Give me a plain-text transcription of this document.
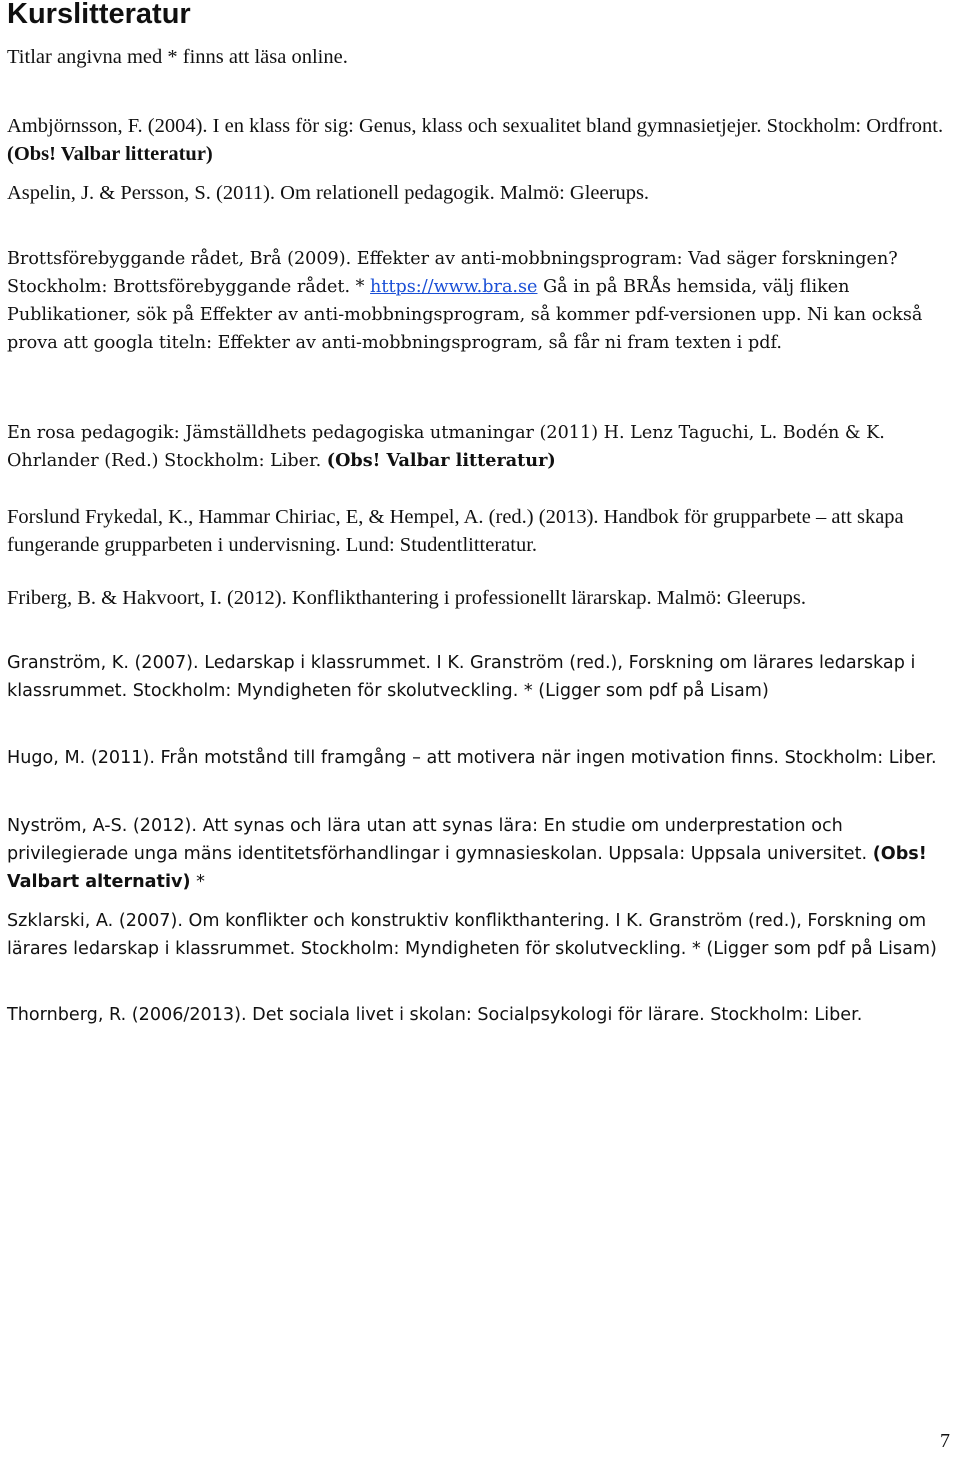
Kurslitteratur

Titlar angivna med * finns att läsa online.

Ambjörnsson, F. (2004). I en klass för sig: Genus, klass och sexualitet bland gymnasietjejer. Stockholm: Ordfront. (Obs! Valbar litteratur)

Aspelin, J. & Persson, S. (2011). Om relationell pedagogik. Malmö: Gleerups.

Brottsförebyggande rådet, Brå (2009). Effekter av anti-mobbningsprogram: Vad säger forskningen? Stockholm: Brottsförebyggande rådet. * https://www.bra.se Gå in på BRÅs hemsida, välj fliken Publikationer, sök på Effekter av anti-mobbningsprogram, så kommer pdf-versionen upp. Ni kan också prova att googla titeln: Effekter av anti-mobbningsprogram, så får ni fram texten i pdf.

En rosa pedagogik: Jämställdhets pedagogiska utmaningar (2011) H. Lenz Taguchi, L. Bodén & K. Ohrlander (Red.) Stockholm: Liber. (Obs! Valbar litteratur)

Forslund Frykedal, K., Hammar Chiriac, E, & Hempel, A. (red.) (2013). Handbok för grupparbete – att skapa fungerande grupparbeten i undervisning. Lund: Studentlitteratur.

Friberg, B. & Hakvoort, I. (2012). Konflikthantering i professionellt lärarskap. Malmö: Gleerups.

Granström, K. (2007). Ledarskap i klassrummet. I K. Granström (red.), Forskning om lärares ledarskap i klassrummet. Stockholm: Myndigheten för skolutveckling. * (Ligger som pdf på Lisam)

Hugo, M. (2011). Från motstånd till framgång – att motivera när ingen motivation finns. Stockholm: Liber.

Nyström, A-S. (2012). Att synas och lära utan att synas lära: En studie om underprestation och privilegierade unga mäns identitetsförhandlingar i gymnasieskolan. Uppsala: Uppsala universitet. (Obs! Valbart alternativ) *

Szklarski, A. (2007). Om konflikter och konstruktiv konflikthantering. I K. Granström (red.), Forskning om lärares ledarskap i klassrummet. Stockholm: Myndigheten för skolutveckling. * (Ligger som pdf på Lisam)

Thornberg, R. (2006/2013). Det sociala livet i skolan: Socialpsykologi för lärare. Stockholm: Liber.

7
